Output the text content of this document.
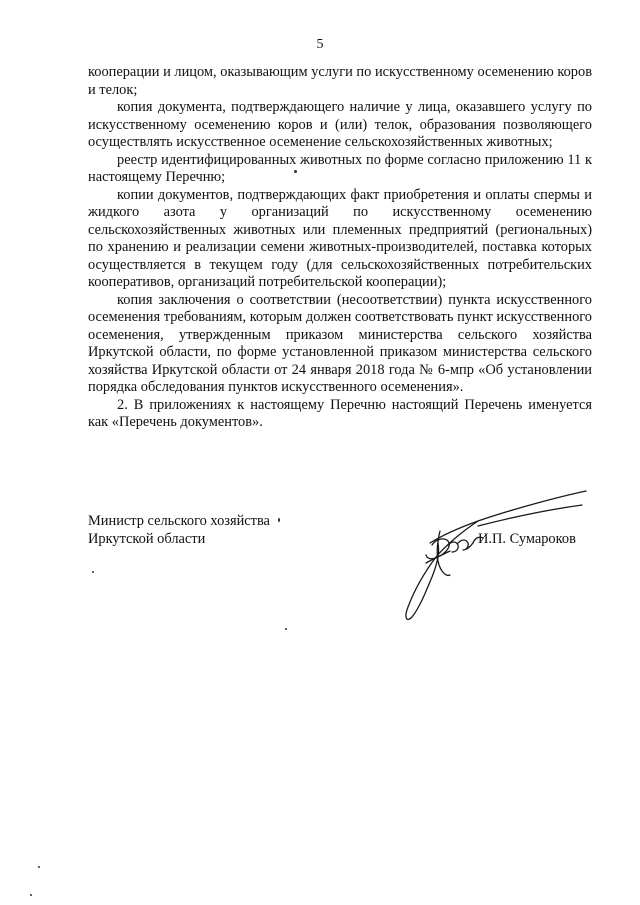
5

кооперации и лицом, оказывающим услуги по искусственному осеменению коров и телок;

копия документа, подтверждающего наличие у лица, оказавшего услугу по искусственному осеменению коров и (или) телок, образования позволяющего осуществлять искусственное осеменение сельскохозяйственных животных;

реестр идентифицированных животных по форме согласно приложению 11 к настоящему Перечню;

копии документов, подтверждающих факт приобретения и оплаты спермы и жидкого азота у организаций по искусственному осеменению сельскохозяйственных животных или племенных предприятий (региональных) по хранению и реализации семени животных-производителей, поставка которых осуществляется в текущем году (для сельскохозяйственных потребительских кооперативов, организаций потребительской кооперации);

копия заключения о соответствии (несоответствии) пункта искусственного осеменения требованиям, которым должен соответствовать пункт искусственного осеменения, утвержденным приказом министерства сельского хозяйства Иркутской области, по форме установленной приказом министерства сельского хозяйства Иркутской области от 24 января 2018 года № 6-мпр «Об установлении порядка обследования пунктов искусственного осеменения».

2. В приложениях к настоящему Перечню настоящий Перечень именуется как «Перечень документов».

Министр сельского хозяйства
Иркутской области	И.П. Сумароков
